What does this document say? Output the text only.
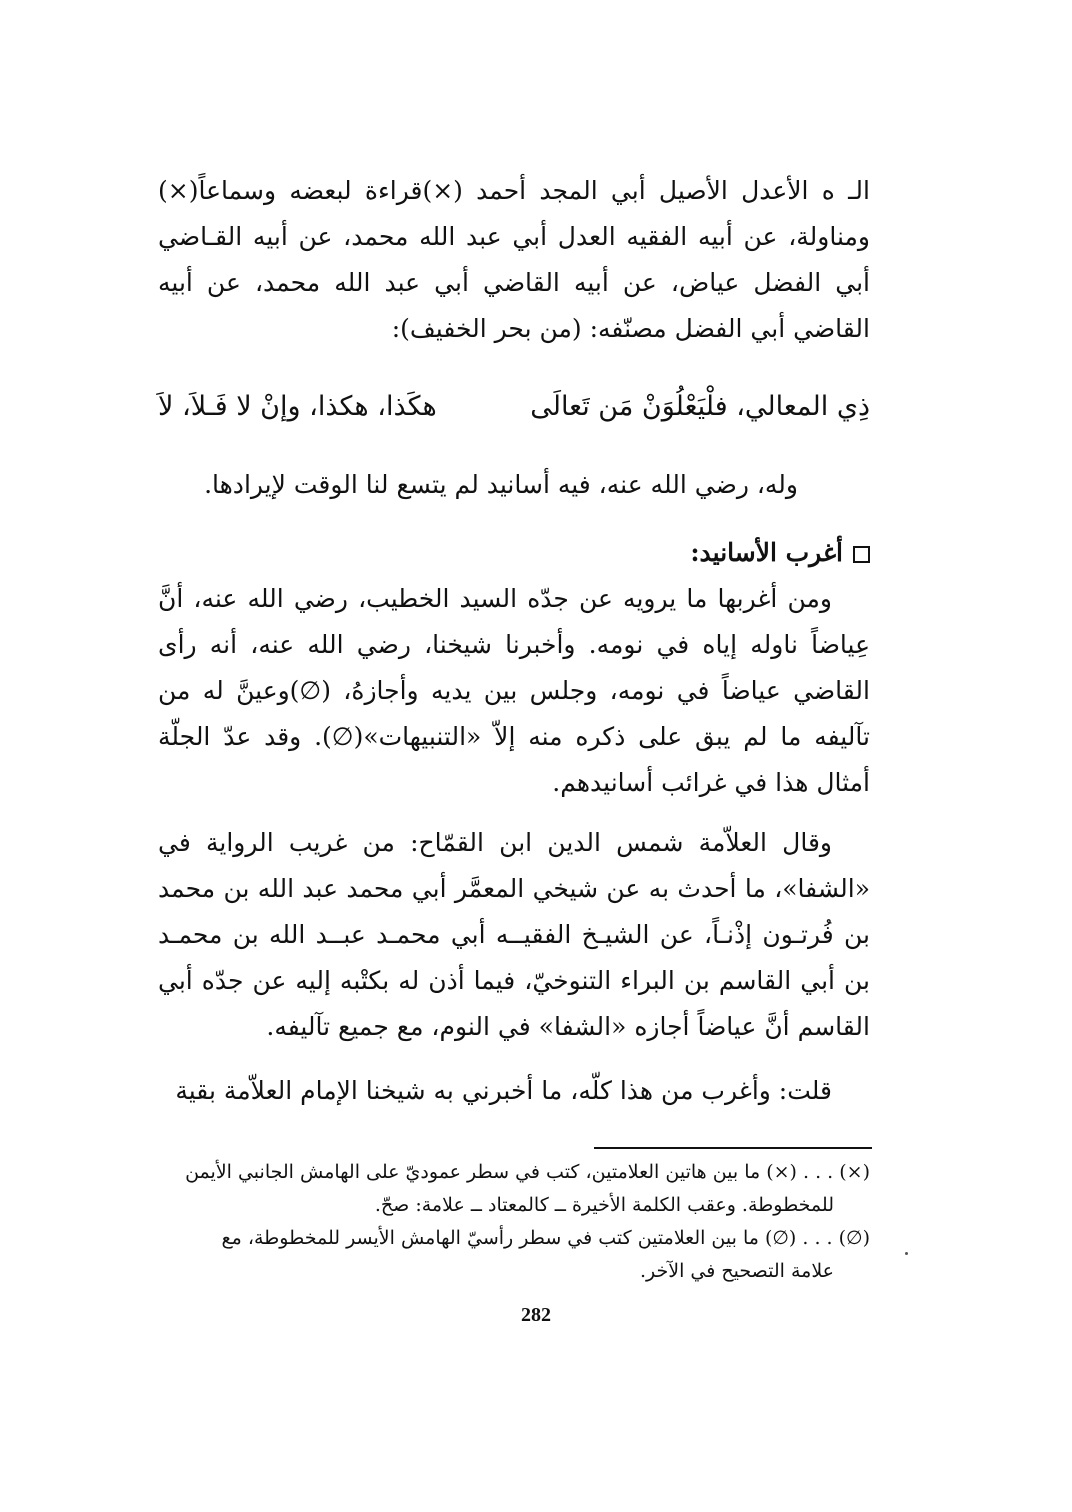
الـ ه الأعدل الأصيل أبي المجد أحمد (×)قراءة لبعضه وسماعاً(×) ومناولة، عن أبيه الفقيه العدل أبي عبد الله محمد، عن أبيه القـاضي أبي الفضل عياض، عن أبيه القاضي أبي عبد الله محمد، عن أبيه القاضي أبي الفضل مصنّفه: (من بحر الخفيف):

ذِي المعالي، فلْيَعْلُوَنْ مَن تَعالَى
هكَذا، هكذا، وإنْ لا فَـلاَ، لاَ

وله، رضي الله عنه، فيه أسانيد لم يتسع لنا الوقت لإيرادها.

أغرب الأسانيد:

ومن أغربها ما يرويه عن جدّه السيد الخطيب، رضي الله عنه، أنَّ عِياضاً ناوله إياه في نومه. وأخبرنا شيخنا، رضي الله عنه، أنه رأى القاضي عياضاً في نومه، وجلس بين يديه وأجازهُ، (∅)وعينَّ له من تآليفه ما لم يبق على ذكره منه إلاّ «التنبيهات»(∅). وقد عدّ الجلّة أمثال هذا في غرائب أسانيدهم.

وقال العلاّمة شمس الدين ابن القمّاح: من غريب الرواية في «الشفا»، ما أحدث به عن شيخي المعمَّر أبي محمد عبد الله بن محمد بن فُرتـون إذْنـاً، عن الشيـخ الفقيــه أبي محمـد عبــد الله بن محمـد بن أبي القاسم بن البراء التنوخيّ، فيما أذن له بكتْبه إليه عن جدّه أبي القاسم أنَّ عياضاً أجازه «الشفا» في النوم، مع جميع تآليفه.

قلت: وأغرب من هذا كلّه، ما أخبرني به شيخنا الإمام العلاّمة بقية

(×) . . . (×) ما بين هاتين العلامتين، كتب في سطر عموديّ على الهامش الجانبي الأيمن
للمخطوطة. وعقب الكلمة الأخيرة ــ كالمعتاد ــ علامة: صحّ.
(∅) . . . (∅) ما بين العلامتين كتب في سطر رأسيّ الهامش الأيسر للمخطوطة، مع
علامة التصحيح في الآخر.
282
